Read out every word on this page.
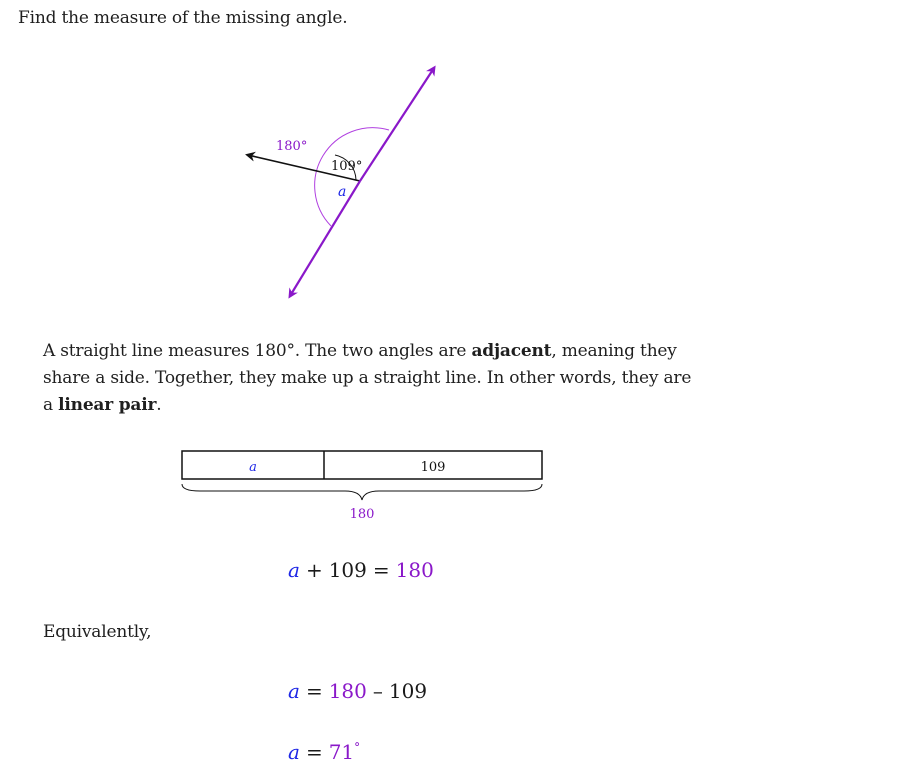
Find the measure of the missing angle.
180°
109°
a
A straight line measures 180°. The two angles are adjacent, meaning they share a side. Together, they make up a straight line. In other words, they are a linear pair.
a	109
180
a + 109 = 180
Equivalently,
a = 180 – 109
a = 71°
